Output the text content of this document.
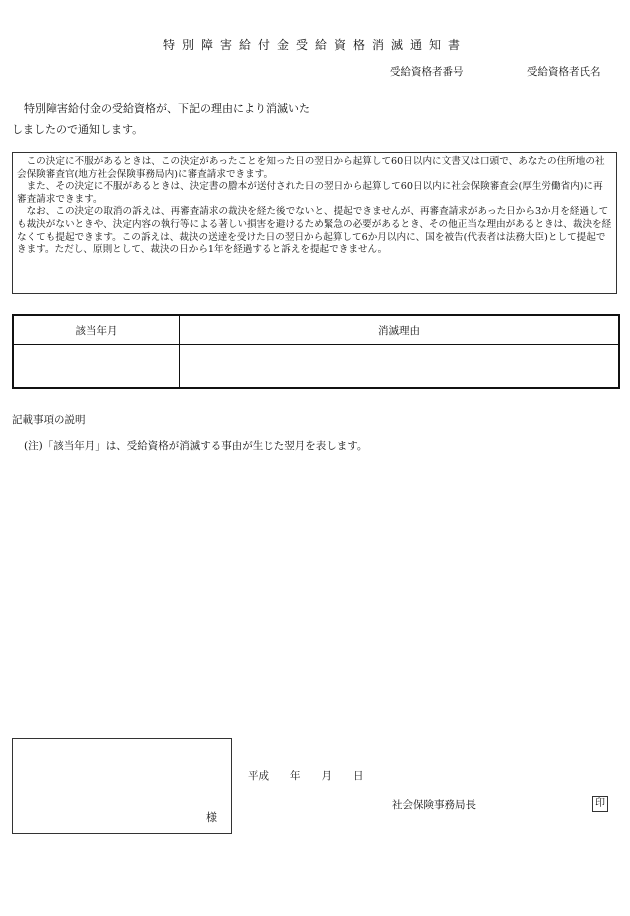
特別障害給付金受給資格消滅通知書
受給資格者番号	受給資格者氏名
特別障害給付金の受給資格が、下記の理由により消滅いた
しましたので通知します。

この決定に不服があるときは、この決定があったことを知った日の翌日から起算して60日以内に文書又は口頭で、あなたの住所地の社会保険審査官(地方社会保険事務局内)に審査請求できます。

また、その決定に不服があるときは、決定書の謄本が送付された日の翌日から起算して60日以内に社会保険審査会(厚生労働省内)に再審査請求できます。

なお、この決定の取消の訴えは、再審査請求の裁決を経た後でないと、提起できませんが、再審査請求があった日から3か月を経過しても裁決がないときや、決定内容の執行等による著しい損害を避けるため緊急の必要があるとき、その他正当な理由があるときは、裁決を経なくても提起できます。この訴えは、裁決の送達を受けた日の翌日から起算して6か月以内に、国を被告(代表者は法務大臣)として提起できます。ただし、原則として、裁決の日から1年を経過すると訴えを提起できません。

該当年月	消滅理由

記載事項の説明
(注)「該当年月」は、受給資格が消滅する事由が生じた翌月を表します。
様
平成　　年　　月　　日
社会保険事務局長	印
